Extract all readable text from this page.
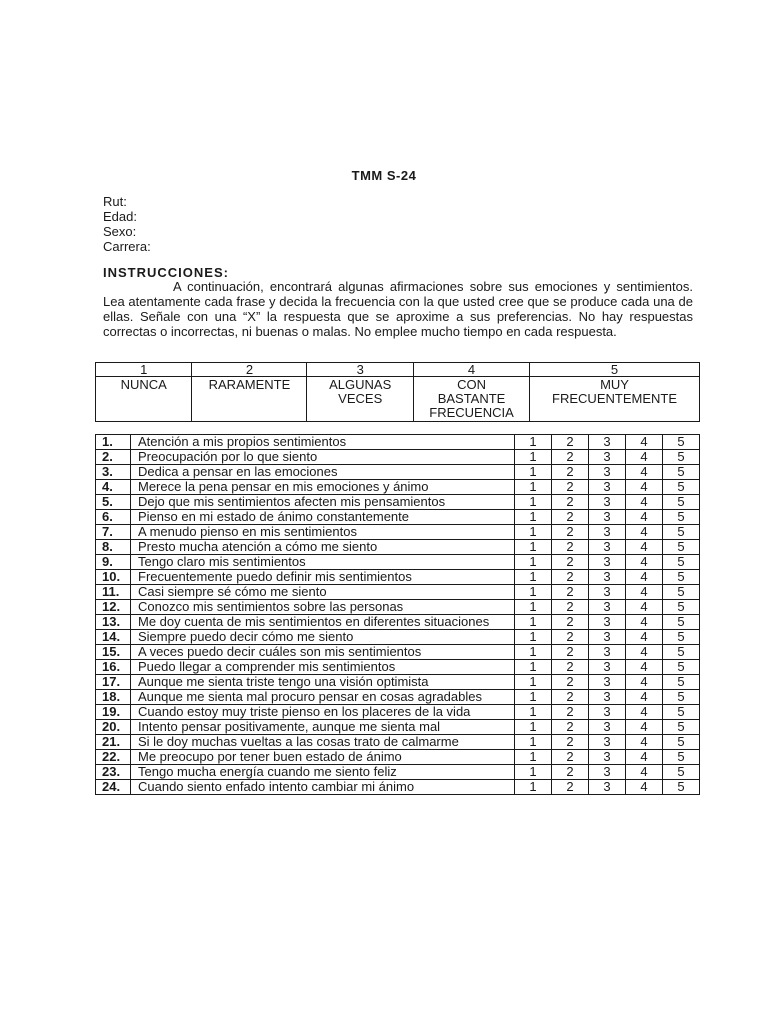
TMM S-24
Rut:
Edad:
Sexo:
Carrera:
INSTRUCCIONES:

A continuación, encontrará algunas afirmaciones sobre sus emociones y sentimientos. Lea atentamente cada frase y decida la frecuencia con la que usted cree que se produce cada una de ellas. Señale con una “X” la respuesta que se aproxime a sus preferencias. No hay respuestas correctas o incorrectas, ni buenas o malas. No emplee mucho tiempo en cada respuesta.

1	2	3	4	5
NUNCA	RARAMENTE	ALGUNAS VECES	CON BASTANTE FRECUENCIA	MUY FRECUENTEMENTE
1.	Atención a mis propios sentimientos	1	2	3	4	5
2.	Preocupación por lo que siento	1	2	3	4	5
3.	Dedica a pensar en las emociones	1	2	3	4	5
4.	Merece la pena pensar en mis emociones y ánimo	1	2	3	4	5
5.	Dejo que mis sentimientos afecten mis pensamientos	1	2	3	4	5
6.	Pienso en mi estado de ánimo constantemente	1	2	3	4	5
7.	A menudo pienso en mis sentimientos	1	2	3	4	5
8.	Presto mucha atención a cómo me siento	1	2	3	4	5
9.	Tengo claro mis sentimientos	1	2	3	4	5
10.	Frecuentemente puedo definir mis sentimientos	1	2	3	4	5
11.	Casi siempre sé cómo me siento	1	2	3	4	5
12.	Conozco mis sentimientos sobre las personas	1	2	3	4	5
13.	Me doy cuenta de mis sentimientos en diferentes situaciones	1	2	3	4	5
14.	Siempre puedo decir cómo me siento	1	2	3	4	5
15.	A veces puedo decir cuáles son mis sentimientos	1	2	3	4	5
16.	Puedo llegar a comprender mis sentimientos	1	2	3	4	5
17.	Aunque me sienta triste tengo una visión optimista	1	2	3	4	5
18.	Aunque me sienta mal procuro pensar en cosas agradables	1	2	3	4	5
19.	Cuando estoy muy triste pienso en los placeres de la vida	1	2	3	4	5
20.	Intento pensar positivamente, aunque me sienta mal	1	2	3	4	5
21.	Si le doy muchas vueltas a las cosas trato de calmarme	1	2	3	4	5
22.	Me preocupo por tener buen estado de ánimo	1	2	3	4	5
23.	Tengo mucha energía cuando me siento feliz	1	2	3	4	5
24.	Cuando siento enfado intento cambiar mi ánimo	1	2	3	4	5
